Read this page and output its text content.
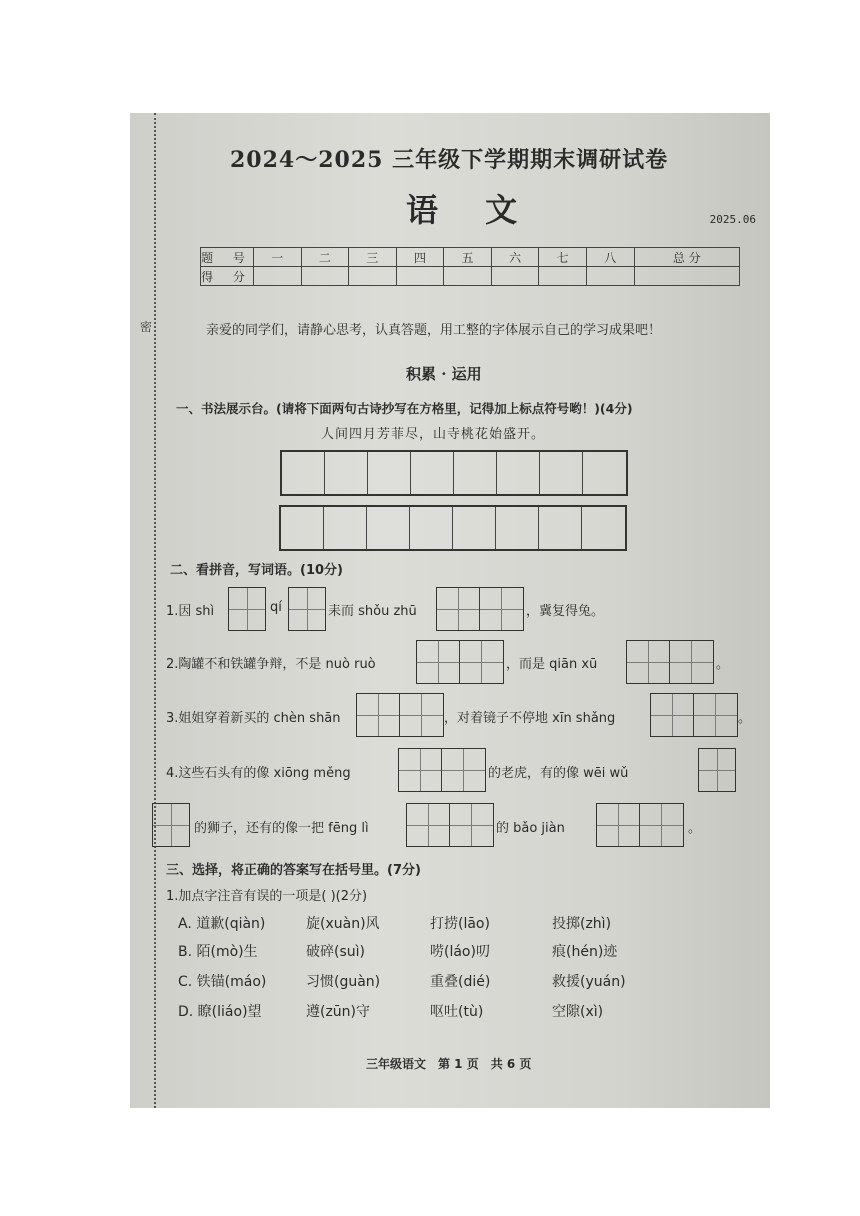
密
2024～2025 三年级下学期期末调研试卷
语 文	2025.06
题 号	一	二	三	四	五	六	七	八	总 分
得 分									
亲爱的同学们，请静心思考，认真答题，用工整的字体展示自己的学习成果吧！
积累 · 运用
一、书法展示台。(请将下面两句古诗抄写在方格里，记得加上标点符号哟！)(4分)
人间四月芳菲尽，山寺桃花始盛开。
二、看拼音，写词语。(10分)
1.因 shì	qí	耒而 shǒu zhū	，冀复得兔。
2.陶罐不和铁罐争辩，不是 nuò ruò	，而是 qiān xū	。
3.姐姐穿着新买的 chèn shān	，对着镜子不停地 xīn shǎng	。
4.这些石头有的像 xiōng měng	的老虎，有的像 wēi wǔ
的狮子，还有的像一把 fēng lì	的 bǎo jiàn	。
三、选择，将正确的答案写在括号里。(7分)
1.加点字注音有误的一项是( )(2分)
A. 道歉(qiàn)	旋(xuàn)风	打捞(lāo)	投掷(zhì)
B. 陌(mò)生	破碎(suì)	唠(láo)叨	痕(hén)迹
C. 铁锚(máo)	习惯(guàn)	重叠(dié)	救援(yuán)
D. 瞭(liáo)望	遵(zūn)守	呕吐(tù)	空隙(xì)
三年级语文　第 1 页　共 6 页
